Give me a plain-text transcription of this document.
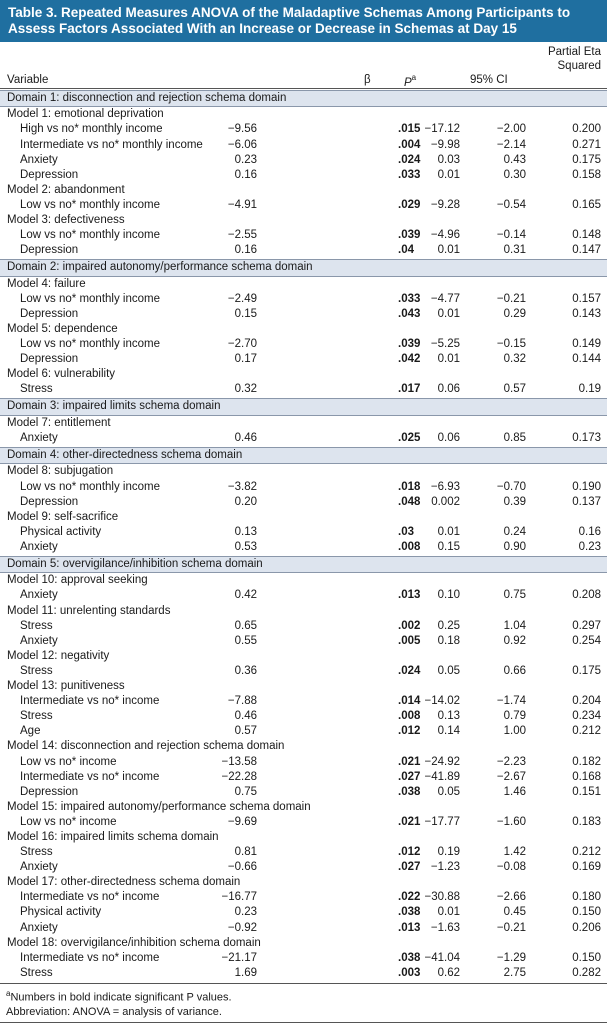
Table 3. Repeated Measures ANOVA of the Maladaptive Schemas Among Participants to
Assess Factors Associated With an Increase or Decrease in Schemas at Day 15
Variable	β	$P^a$	95% CI
Partial Eta
Squared
Domain 1: disconnection and rejection schema domain
Model 1: emotional deprivation
High vs no* monthly income	−9.56	.015 −17.12	−2.00	0.200
Intermediate vs no* monthly income −6.06	.004 −9.98	−2.14	0.271
Anxiety	0.23	.024 0.03	0.43	0.175
Depression	0.16	.033 0.01	0.30	0.158
Model 2: abandonment
Low vs no* monthly income	−4.91	.029 −9.28	−0.54	0.165
Model 3: defectiveness
Low vs no* monthly income	−2.55	.039 −4.96	−0.14	0.148
Depression	0.16	.04 0.01	0.31	0.147
Domain 2: impaired autonomy/performance schema domain
Model 4: failure
Low vs no* monthly income	−2.49	.033 −4.77	−0.21	0.157
Depression	0.15	.043 0.01	0.29	0.143
Model 5: dependence
Low vs no* monthly income	−2.70	.039 −5.25	−0.15	0.149
Depression	0.17	.042 0.01	0.32	0.144
Model 6: vulnerability
Stress	0.32	.017 0.06	0.57	0.19
Domain 3: impaired limits schema domain
Model 7: entitlement
Anxiety	0.46	.025 0.06	0.85	0.173
Domain 4: other-directedness schema domain
Model 8: subjugation
Low vs no* monthly income	−3.82	.018 −6.93	−0.70	0.190
Depression	0.20	.048 0.002	0.39	0.137
Model 9: self-sacrifice
Physical activity	0.13	.03 0.01	0.24	0.16
Anxiety	0.53	.008 0.15	0.90	0.23
Domain 5: overvigilance/inhibition schema domain
Model 10: approval seeking
Anxiety	0.42	.013 0.10	0.75	0.208
Model 11: unrelenting standards
Stress	0.65	.002 0.25	1.04	0.297
Anxiety	0.55	.005 0.18	0.92	0.254
Model 12: negativity
Stress	0.36	.024 0.05	0.66	0.175
Model 13: punitiveness
Intermediate vs no* income	−7.88	.014 −14.02	−1.74	0.204
Stress	0.46	.008 0.13	0.79	0.234
Age	0.57	.012 0.14	1.00	0.212
Model 14: disconnection and rejection schema domain
Low vs no* income	−13.58	.021 −24.92	−2.23	0.182
Intermediate vs no* income	−22.28	.027 −41.89	−2.67	0.168
Depression	0.75	.038 0.05	1.46	0.151
Model 15: impaired autonomy/performance schema domain
Low vs no* income	−9.69	.021 −17.77	−1.60	0.183
Model 16: impaired limits schema domain
Stress	0.81	.012 0.19	1.42	0.212
Anxiety	−0.66	.027 −1.23	−0.08	0.169
Model 17: other-directedness schema domain
Intermediate vs no* income	−16.77	.022 −30.88	−2.66	0.180
Physical activity	0.23	.038 0.01	0.45	0.150
Anxiety	−0.92	.013 −1.63	−0.21	0.206
Model 18: overvigilance/inhibition schema domain
Intermediate vs no* income	−21.17	.038 −41.04	−1.29	0.150
Stress	1.69	.003 0.62	2.75	0.282
$^a$Numbers in bold indicate significant P values.
Abbreviation: ANOVA = analysis of variance.
